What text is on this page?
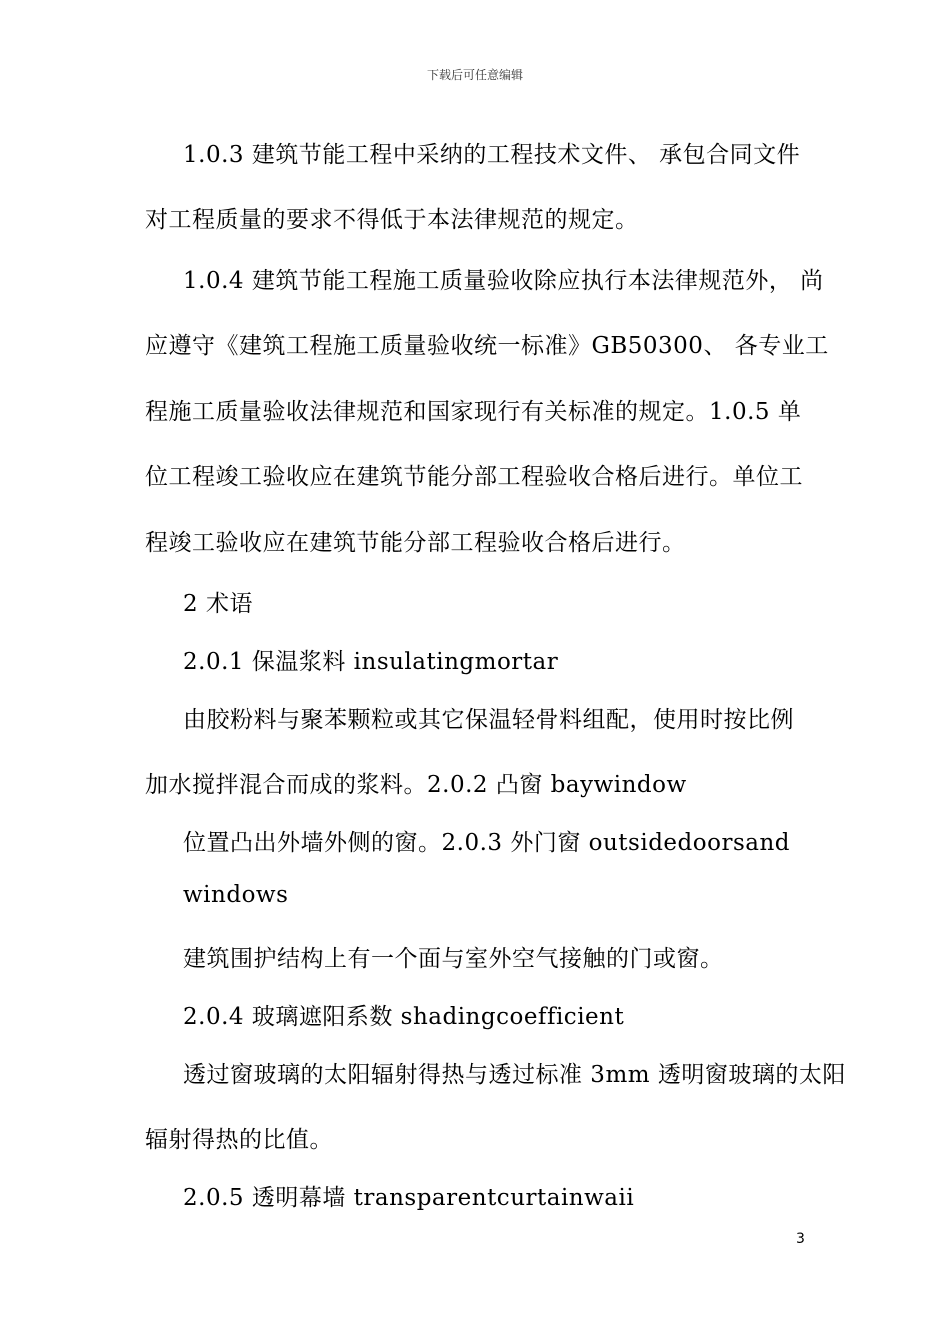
下载后可任意编辑
1.0.3 建筑节能工程中采纳的工程技术文件、 承包合同文件
对工程质量的要求不得低于本法律规范的规定。
1.0.4 建筑节能工程施工质量验收除应执行本法律规范外， 尚
应遵守《建筑工程施工质量验收统一标准》GB50300、 各专业工
程施工质量验收法律规范和国家现行有关标准的规定。1.0.5 单
位工程竣工验收应在建筑节能分部工程验收合格后进行。单位工
程竣工验收应在建筑节能分部工程验收合格后进行。
2 术语
2.0.1 保温浆料 insulatingmortar
由胶粉料与聚苯颗粒或其它保温轻骨料组配，使用时按比例
加水搅拌混合而成的浆料。2.0.2 凸窗 baywindow
位置凸出外墙外侧的窗。2.0.3 外门窗 outsidedoorsand
windows
建筑围护结构上有一个面与室外空气接触的门或窗。
2.0.4 玻璃遮阳系数 shadingcoefficient
透过窗玻璃的太阳辐射得热与透过标准 3mm 透明窗玻璃的太阳
辐射得热的比值。
2.0.5 透明幕墙 transparentcurtainwaii
3
